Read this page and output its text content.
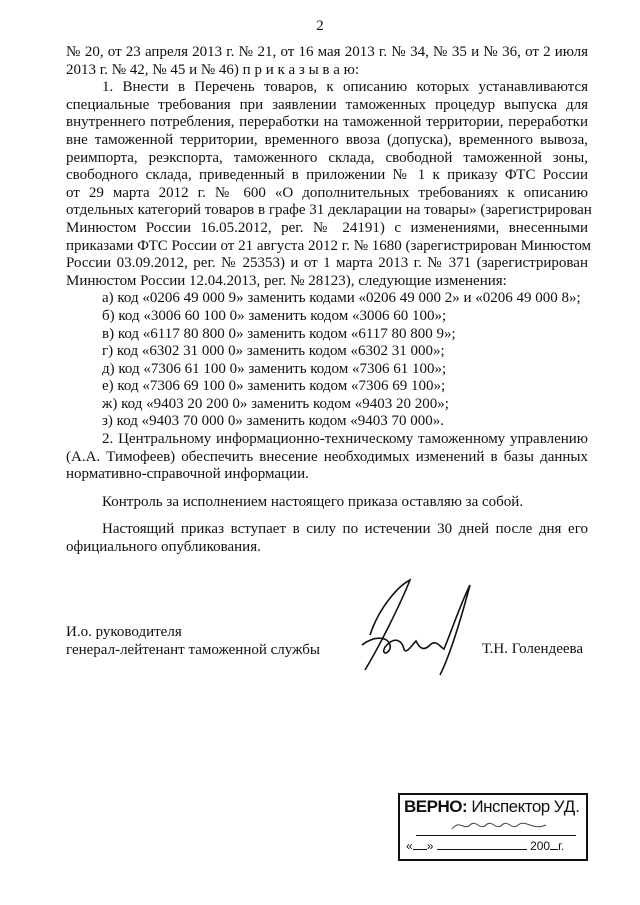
2
№ 20, от 23 апреля 2013 г. № 21, от 16 мая 2013 г. № 34, № 35 и № 36, от 2 июля
2013 г. № 42, № 45 и № 46) п р и к а з ы в а ю:
1. Внести в Перечень товаров, к описанию которых устанавливаются
специальные требования при заявлении таможенных процедур выпуска для
внутреннего потребления, переработки на таможенной территории, переработки
вне таможенной территории, временного ввоза (допуска), временного вывоза,
реимпорта, реэкспорта, таможенного склада, свободной таможенной зоны,
свободного склада, приведенный в приложении № 1 к приказу ФТС России
от 29 марта 2012 г. № 600 «О дополнительных требованиях к описанию
отдельных категорий товаров в графе 31 декларации на товары» (зарегистрирован
Минюстом России 16.05.2012, рег. № 24191) с изменениями, внесенными
приказами ФТС России от 21 августа 2012 г. № 1680 (зарегистрирован Минюстом
России 03.09.2012, рег. № 25353) и от 1 марта 2013 г. № 371 (зарегистрирован
Минюстом России 12.04.2013, рег. № 28123), следующие изменения:
а) код «0206 49 000 9» заменить кодами «0206 49 000 2» и «0206 49 000 8»;
б) код «3006 60 100 0» заменить кодом «3006 60 100»;
в) код «6117 80 800 0» заменить кодом «6117 80 800 9»;
г) код «6302 31 000 0» заменить кодом «6302 31 000»;
д) код «7306 61 100 0» заменить кодом «7306 61 100»;
е) код «7306 69 100 0» заменить кодом «7306 69 100»;
ж) код «9403 20 200 0» заменить кодом «9403 20 200»;
з) код «9403 70 000 0» заменить кодом «9403 70 000».
2. Центральному информационно-техническому таможенному управлению
(А.А. Тимофеев) обеспечить внесение необходимых изменений в базы данных
нормативно-справочной информации.
Контроль за исполнением настоящего приказа оставляю за собой.
Настоящий приказ вступает в силу по истечении 30 дней после дня его
официального опубликования.
И.о. руководителя
генерал-лейтенант таможенной службы	Т.Н. Голендеева
ВЕРНО: Инспектор УД.
« »	200 г.
